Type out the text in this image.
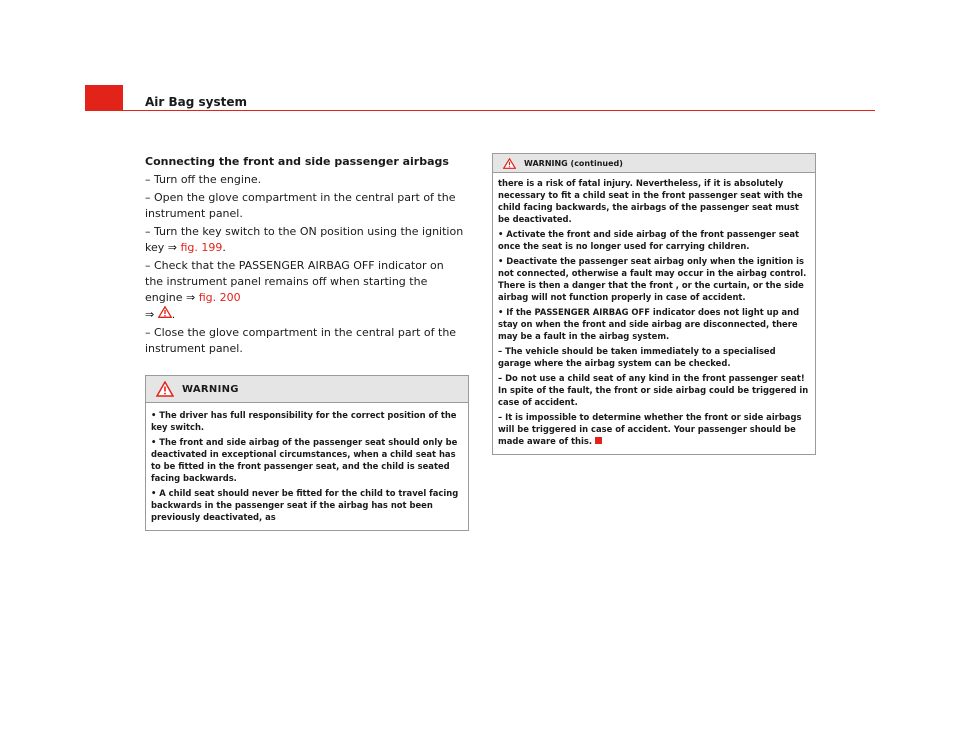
Air Bag system
Connecting the front and side passenger airbags

– Turn off the engine.

– Open the glove compartment in the central part of the instrument panel.

– Turn the key switch to the ON position using the ignition key ⇒ fig. 199.

– Check that the PASSENGER AIRBAG OFF indicator on the instrument panel remains off when starting the engine ⇒ fig. 200
⇒ .

– Close the glove compartment in the central part of the instrument panel.

WARNING

• The driver has full responsibility for the correct position of the key switch.

• The front and side airbag of the passenger seat should only be deactivated in exceptional circumstances, when a child seat has to be fitted in the front passenger seat, and the child is seated facing backwards.

• A child seat should never be fitted for the child to travel facing backwards in the passenger seat if the airbag has not been previously deactivated, as

WARNING (continued)

there is a risk of fatal injury. Nevertheless, if it is absolutely necessary to fit a child seat in the front passenger seat with the child facing backwards, the airbags of the passenger seat must be deactivated.

• Activate the front and side airbag of the front passenger seat once the seat is no longer used for carrying children.

• Deactivate the passenger seat airbag only when the ignition is not connected, otherwise a fault may occur in the airbag control. There is then a danger that the front , or the curtain, or the side airbag will not function properly in case of accident.

• If the PASSENGER AIRBAG OFF indicator does not light up and stay on when the front and side airbag are disconnected, there may be a fault in the airbag system.

– The vehicle should be taken immediately to a specialised garage where the airbag system can be checked.

– Do not use a child seat of any kind in the front passenger seat! In spite of the fault, the front or side airbag could be triggered in case of accident.

– It is impossible to determine whether the front or side airbags will be triggered in case of accident. Your passenger should be made aware of this.
